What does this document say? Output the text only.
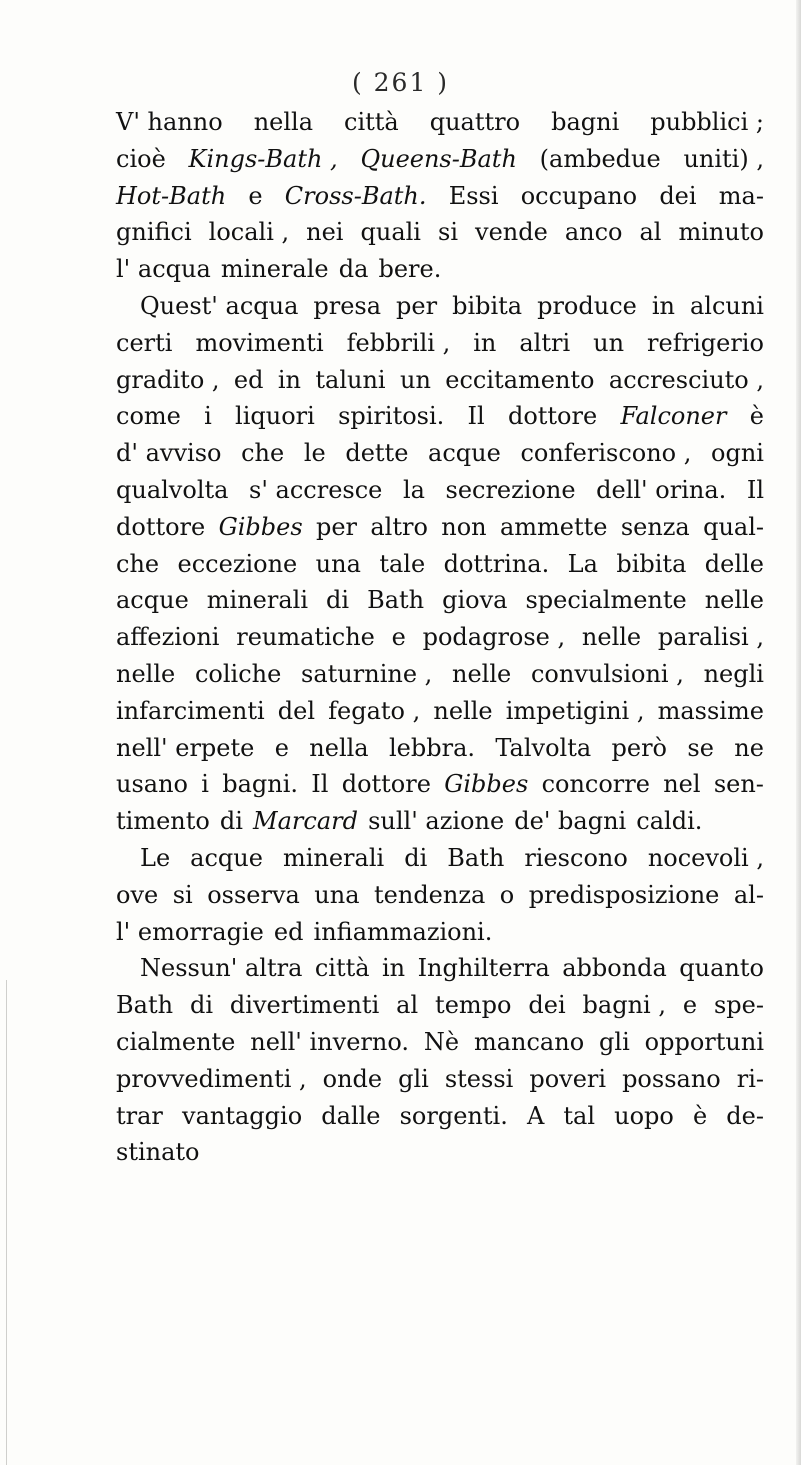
( 261 )
V' hanno nella città quattro bagni pubblici ;
cioè Kings-Bath , Queens-Bath (ambedue uniti) ,
Hot-Bath e Cross-Bath. Essi occupano dei ma-
gnifici locali , nei quali si vende anco al minuto
l' acqua minerale da bere.
Quest' acqua presa per bibita produce in alcuni
certi movimenti febbrili , in altri un refrigerio
gradito , ed in taluni un eccitamento accresciuto ,
come i liquori spiritosi. Il dottore Falconer è
d' avviso che le dette acque conferiscono , ogni
qualvolta s' accresce la secrezione dell' orina. Il
dottore Gibbes per altro non ammette senza qual-
che eccezione una tale dottrina. La bibita delle
acque minerali di Bath giova specialmente nelle
affezioni reumatiche e podagrose , nelle paralisi ,
nelle coliche saturnine , nelle convulsioni , negli
infarcimenti del fegato , nelle impetigini , massime
nell' erpete e nella lebbra. Talvolta però se ne
usano i bagni. Il dottore Gibbes concorre nel sen-
timento di Marcard sull' azione de' bagni caldi.
Le acque minerali di Bath riescono nocevoli ,
ove si osserva una tendenza o predisposizione al-
l' emorragie ed infiammazioni.
Nessun' altra città in Inghilterra abbonda quanto
Bath di divertimenti al tempo dei bagni , e spe-
cialmente nell' inverno. Nè mancano gli opportuni
provvedimenti , onde gli stessi poveri possano ri-
trar vantaggio dalle sorgenti. A tal uopo è de-
stinato
